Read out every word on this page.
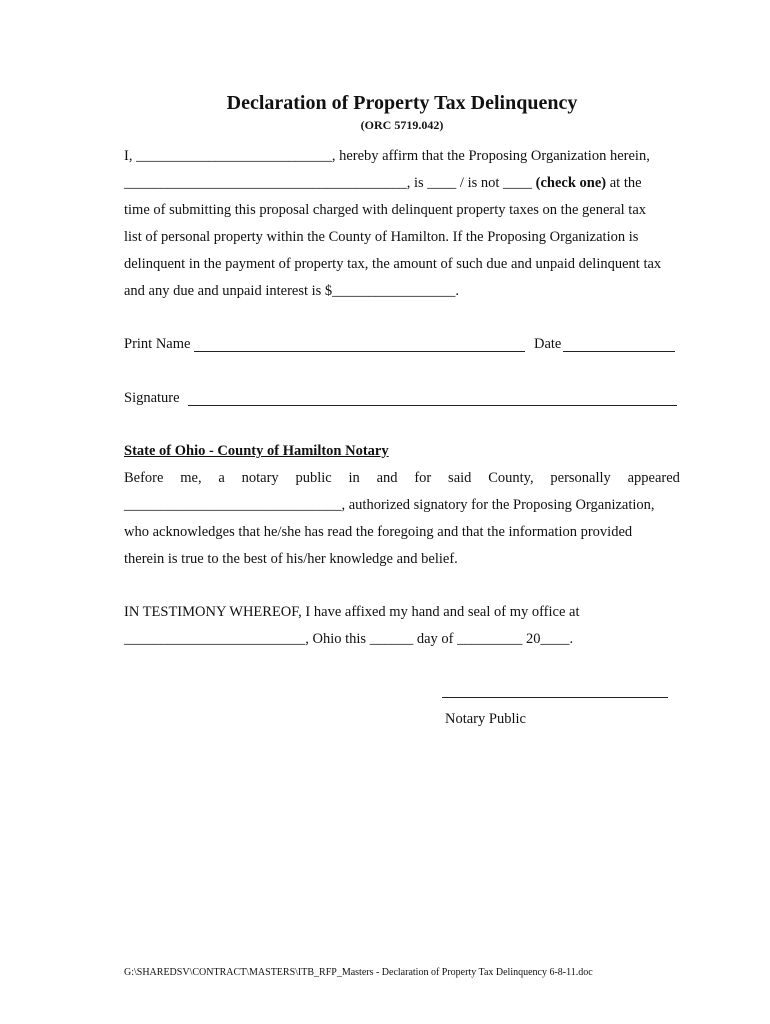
Declaration of Property Tax Delinquency
(ORC 5719.042)
I, ___________________________, hereby affirm that the Proposing Organization herein,
_______________________________________, is ____ / is not ____ (check one) at the
time of submitting this proposal charged with delinquent property taxes on the general tax
list of personal property within the County of Hamilton. If the Proposing Organization is
delinquent in the payment of property tax, the amount of such due and unpaid delinquent tax
and any due and unpaid interest is $_________________.
Print Name	Date
Signature
State of Ohio - County of Hamilton Notary
Before me, a notary public in and for said County, personally appeared
______________________________, authorized signatory for the Proposing Organization,
who acknowledges that he/she has read the foregoing and that the information provided
therein is true to the best of his/her knowledge and belief.
IN TESTIMONY WHEREOF, I have affixed my hand and seal of my office at
_________________________, Ohio this ______ day of _________ 20____.
Notary Public
G:\SHAREDSV\CONTRACT\MASTERS\ITB_RFP_Masters - Declaration of Property Tax Delinquency 6-8-11.doc
